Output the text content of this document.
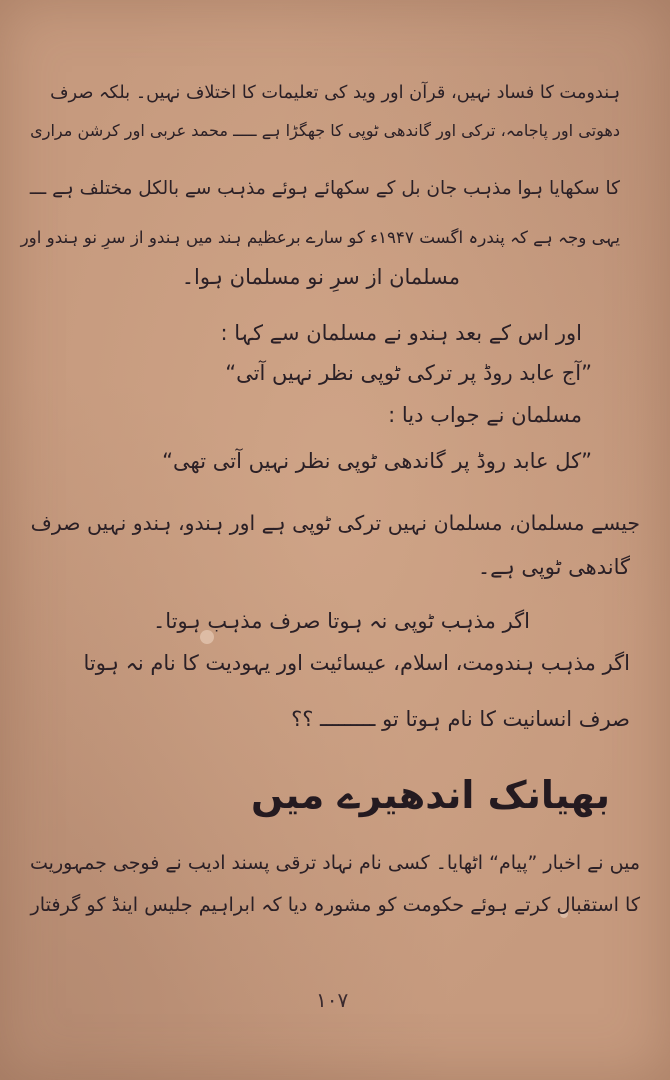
ہندومت کا فساد نہیں، قرآن اور وید کی تعلیمات کا اختلاف نہیں۔ بلکہ صرف
دھوتی اور پاجامہ، ترکی اور گاندھی ٹوپی کا جھگڑا ہے ـــــ محمد عربی اور کرشن مراری
کا سکھایا ہوا مذہب جان بل کے سکھائے ہوئے مذہب سے بالکل مختلف ہے ـــ
یہی وجہ ہے کہ پندرہ اگست ۱۹۴۷ء کو سارے برعظیم ہند میں ہندو از سرِ نو ہندو اور
مسلمان از سرِ نو مسلمان ہوا۔
اور اس کے بعد ہندو نے مسلمان سے کہا :
”آج عابد روڈ پر ترکی ٹوپی نظر نہیں آتی“
مسلمان نے جواب دیا :
”کل عابد روڈ پر گاندھی ٹوپی نظر نہیں آتی تھی“
جیسے مسلمان، مسلمان نہیں ترکی ٹوپی ہے اور ہندو، ہندو نہیں صرف
گاندھی ٹوپی ہے۔
اگر مذہب ٹوپی نہ ہوتا صرف مذہب ہوتا۔
اگر مذہب ہندومت، اسلام، عیسائیت اور یہودیت کا نام نہ ہوتا
صرف انسانیت کا نام ہوتا تو ـــــــــ ؟؟
بھیانک اندھیرے میں
میں نے اخبار ”پیام“ اٹھایا۔ کسی نام نہاد ترقی پسند ادیب نے فوجی جمہوریت
کا استقبال کرتے ہوئے حکومت کو مشورہ دیا کہ ابراہیم جلیس اینڈ کو گرفتار
۱۰۷
